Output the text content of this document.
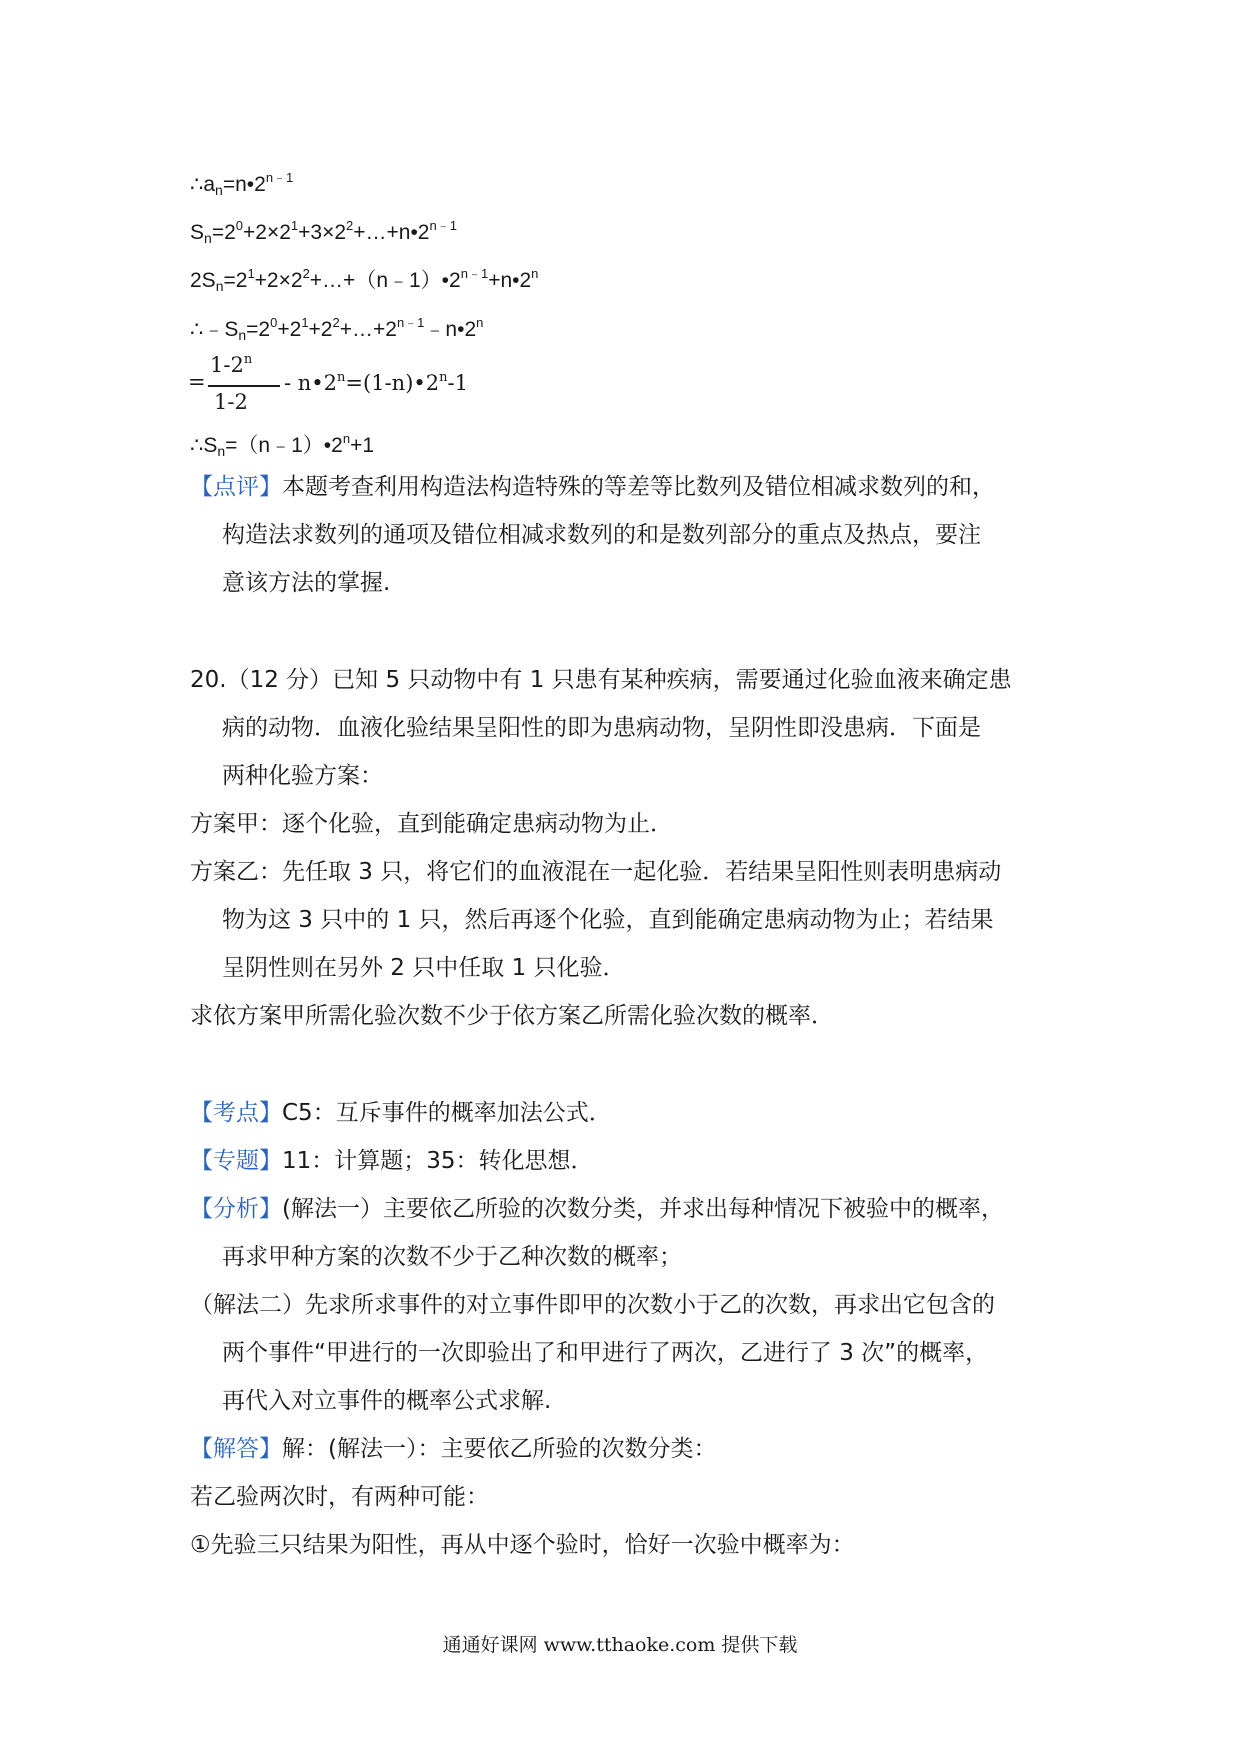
$\therefore a_n=n•2^{n﹣1}$
$S_n=2^0+2\times 2^1+3\times 2^2+\dots+n•2^{n﹣1}$
$2S_n=2^1+2\times 2^2+\dots+(n﹣1)•2^{n﹣1}+n•2^n$
$\therefore﹣S_n=2^0+2^1+2^2+\dots+2^{n﹣1}﹣n•2^n$
=
$1-2^n$
1-2
- $n•2^n=(1-n)•2^n-1$
$\therefore S_n=(n﹣1)•2^n+1$
【点评】本题考查利用构造法构造特殊的等差等比数列及错位相减求数列的和，
构造法求数列的通项及错位相减求数列的和是数列部分的重点及热点，要注
意该方法的掌握.
20.（12 分）已知 5 只动物中有 1 只患有某种疾病，需要通过化验血液来确定患
病的动物．血液化验结果呈阳性的即为患病动物，呈阴性即没患病．下面是
两种化验方案：
方案甲：逐个化验，直到能确定患病动物为止．
方案乙：先任取 3 只，将它们的血液混在一起化验．若结果呈阳性则表明患病动
物为这 3 只中的 1 只，然后再逐个化验，直到能确定患病动物为止；若结果
呈阴性则在另外 2 只中任取 1 只化验．
求依方案甲所需化验次数不少于依方案乙所需化验次数的概率．
【考点】C5：互斥事件的概率加法公式．
【专题】11：计算题；35：转化思想．
【分析】(解法一）主要依乙所验的次数分类，并求出每种情况下被验中的概率，
再求甲种方案的次数不少于乙种次数的概率；
（解法二）先求所求事件的对立事件即甲的次数小于乙的次数，再求出它包含的
两个事件“甲进行的一次即验出了和甲进行了两次，乙进行了 3 次”的概率，
再代入对立事件的概率公式求解.
【解答】解：(解法一）：主要依乙所验的次数分类：
若乙验两次时，有两种可能：
①先验三只结果为阳性，再从中逐个验时，恰好一次验中概率为：
通通好课网 www.tthaoke.com 提供下载
